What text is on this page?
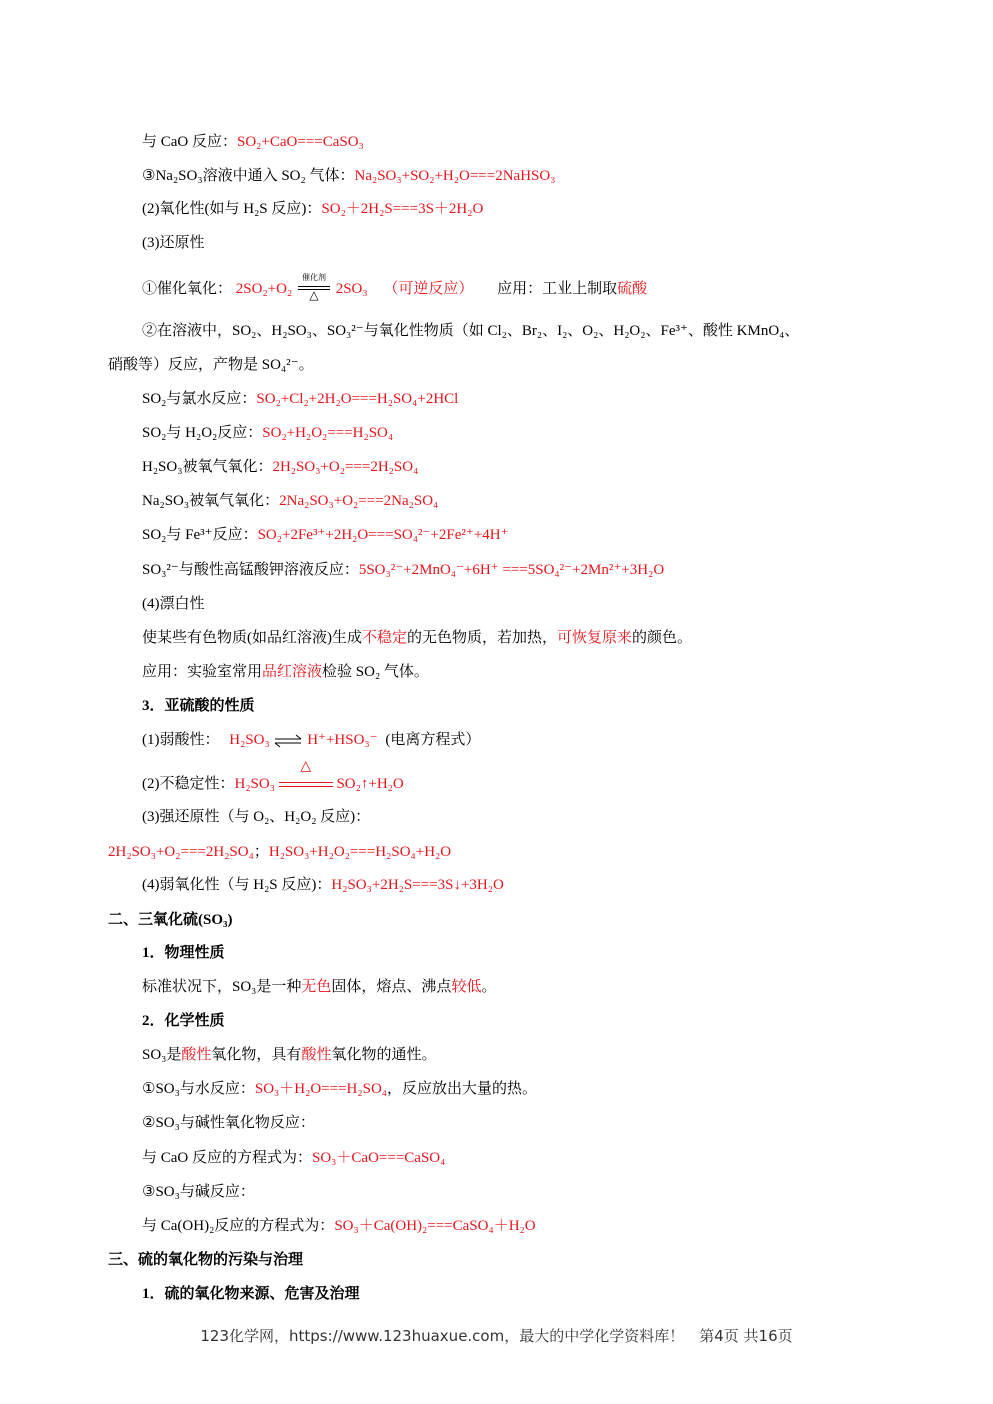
与 CaO 反应：SO₂+CaO===CaSO₃
③Na₂SO₃溶液中通入 SO₂ 气体：Na₂SO₃+SO₂+H₂O===2NaHSO₃
(2)氧化性(如与 H₂S 反应)：SO₂＋2H₂S===3S＋2H₂O
(3)还原性
①催化氧化： 2SO₂+O₂
催化剂
△	2SO₃ （可逆反应） 应用：工业上制取硫酸
②在溶液中，SO₂、H₂SO₃、SO₃²⁻与氧化性物质（如 Cl₂、Br₂、I₂、O₂、H₂O₂、Fe³⁺、酸性 KMnO₄、
硝酸等）反应，产物是 SO₄²⁻。
SO₂与氯水反应：SO₂+Cl₂+2H₂O===H₂SO₄+2HCl
SO₂与 H₂O₂反应：SO₂+H₂O₂===H₂SO₄
H₂SO₃被氧气氧化：2H₂SO₃+O₂===2H₂SO₄
Na₂SO₃被氧气氧化：2Na₂SO₃+O₂===2Na₂SO₄
SO₂与 Fe³⁺反应：SO₂+2Fe³⁺+2H₂O===SO₄²⁻+2Fe²⁺+4H⁺
SO₃²⁻与酸性高锰酸钾溶液反应：5SO₃²⁻+2MnO₄⁻+6H⁺ ===5SO₄²⁻+2Mn²⁺+3H₂O
(4)漂白性
使某些有色物质(如品红溶液)生成不稳定的无色物质，若加热，可恢复原来的颜色。
应用：实验室常用品红溶液检验 SO₂ 气体。
3．亚硫酸的性质
(1)弱酸性： H₂SO₃ ⇌ H⁺+HSO₃⁻ (电离方程式）
(2)不稳定性：H₂SO₃
△
SO₂↑+H₂O
(3)强还原性（与 O₂、H₂O₂ 反应)：
2H₂SO₃+O₂===2H₂SO₄；H₂SO₃+H₂O₂===H₂SO₄+H₂O
(4)弱氧化性（与 H₂S 反应)：H₂SO₃+2H₂S===3S↓+3H₂O
二、三氧化硫(SO₃)
1．物理性质
标准状况下，SO₃是一种无色固体，熔点、沸点较低。
2．化学性质
SO₃是酸性氧化物，具有酸性氧化物的通性。
①SO₃与水反应：SO₃＋H₂O===H₂SO₄，反应放出大量的热。
②SO₃与碱性氧化物反应：
与 CaO 反应的方程式为：SO₃＋CaO===CaSO₄
③SO₃与碱反应：
与 Ca(OH)₂反应的方程式为：SO₃＋Ca(OH)₂===CaSO₄＋H₂O
三、硫的氧化物的污染与治理
1．硫的氧化物来源、危害及治理
123化学网，https://www.123huaxue.com，最大的中学化学资料库！　第4页 共16页
